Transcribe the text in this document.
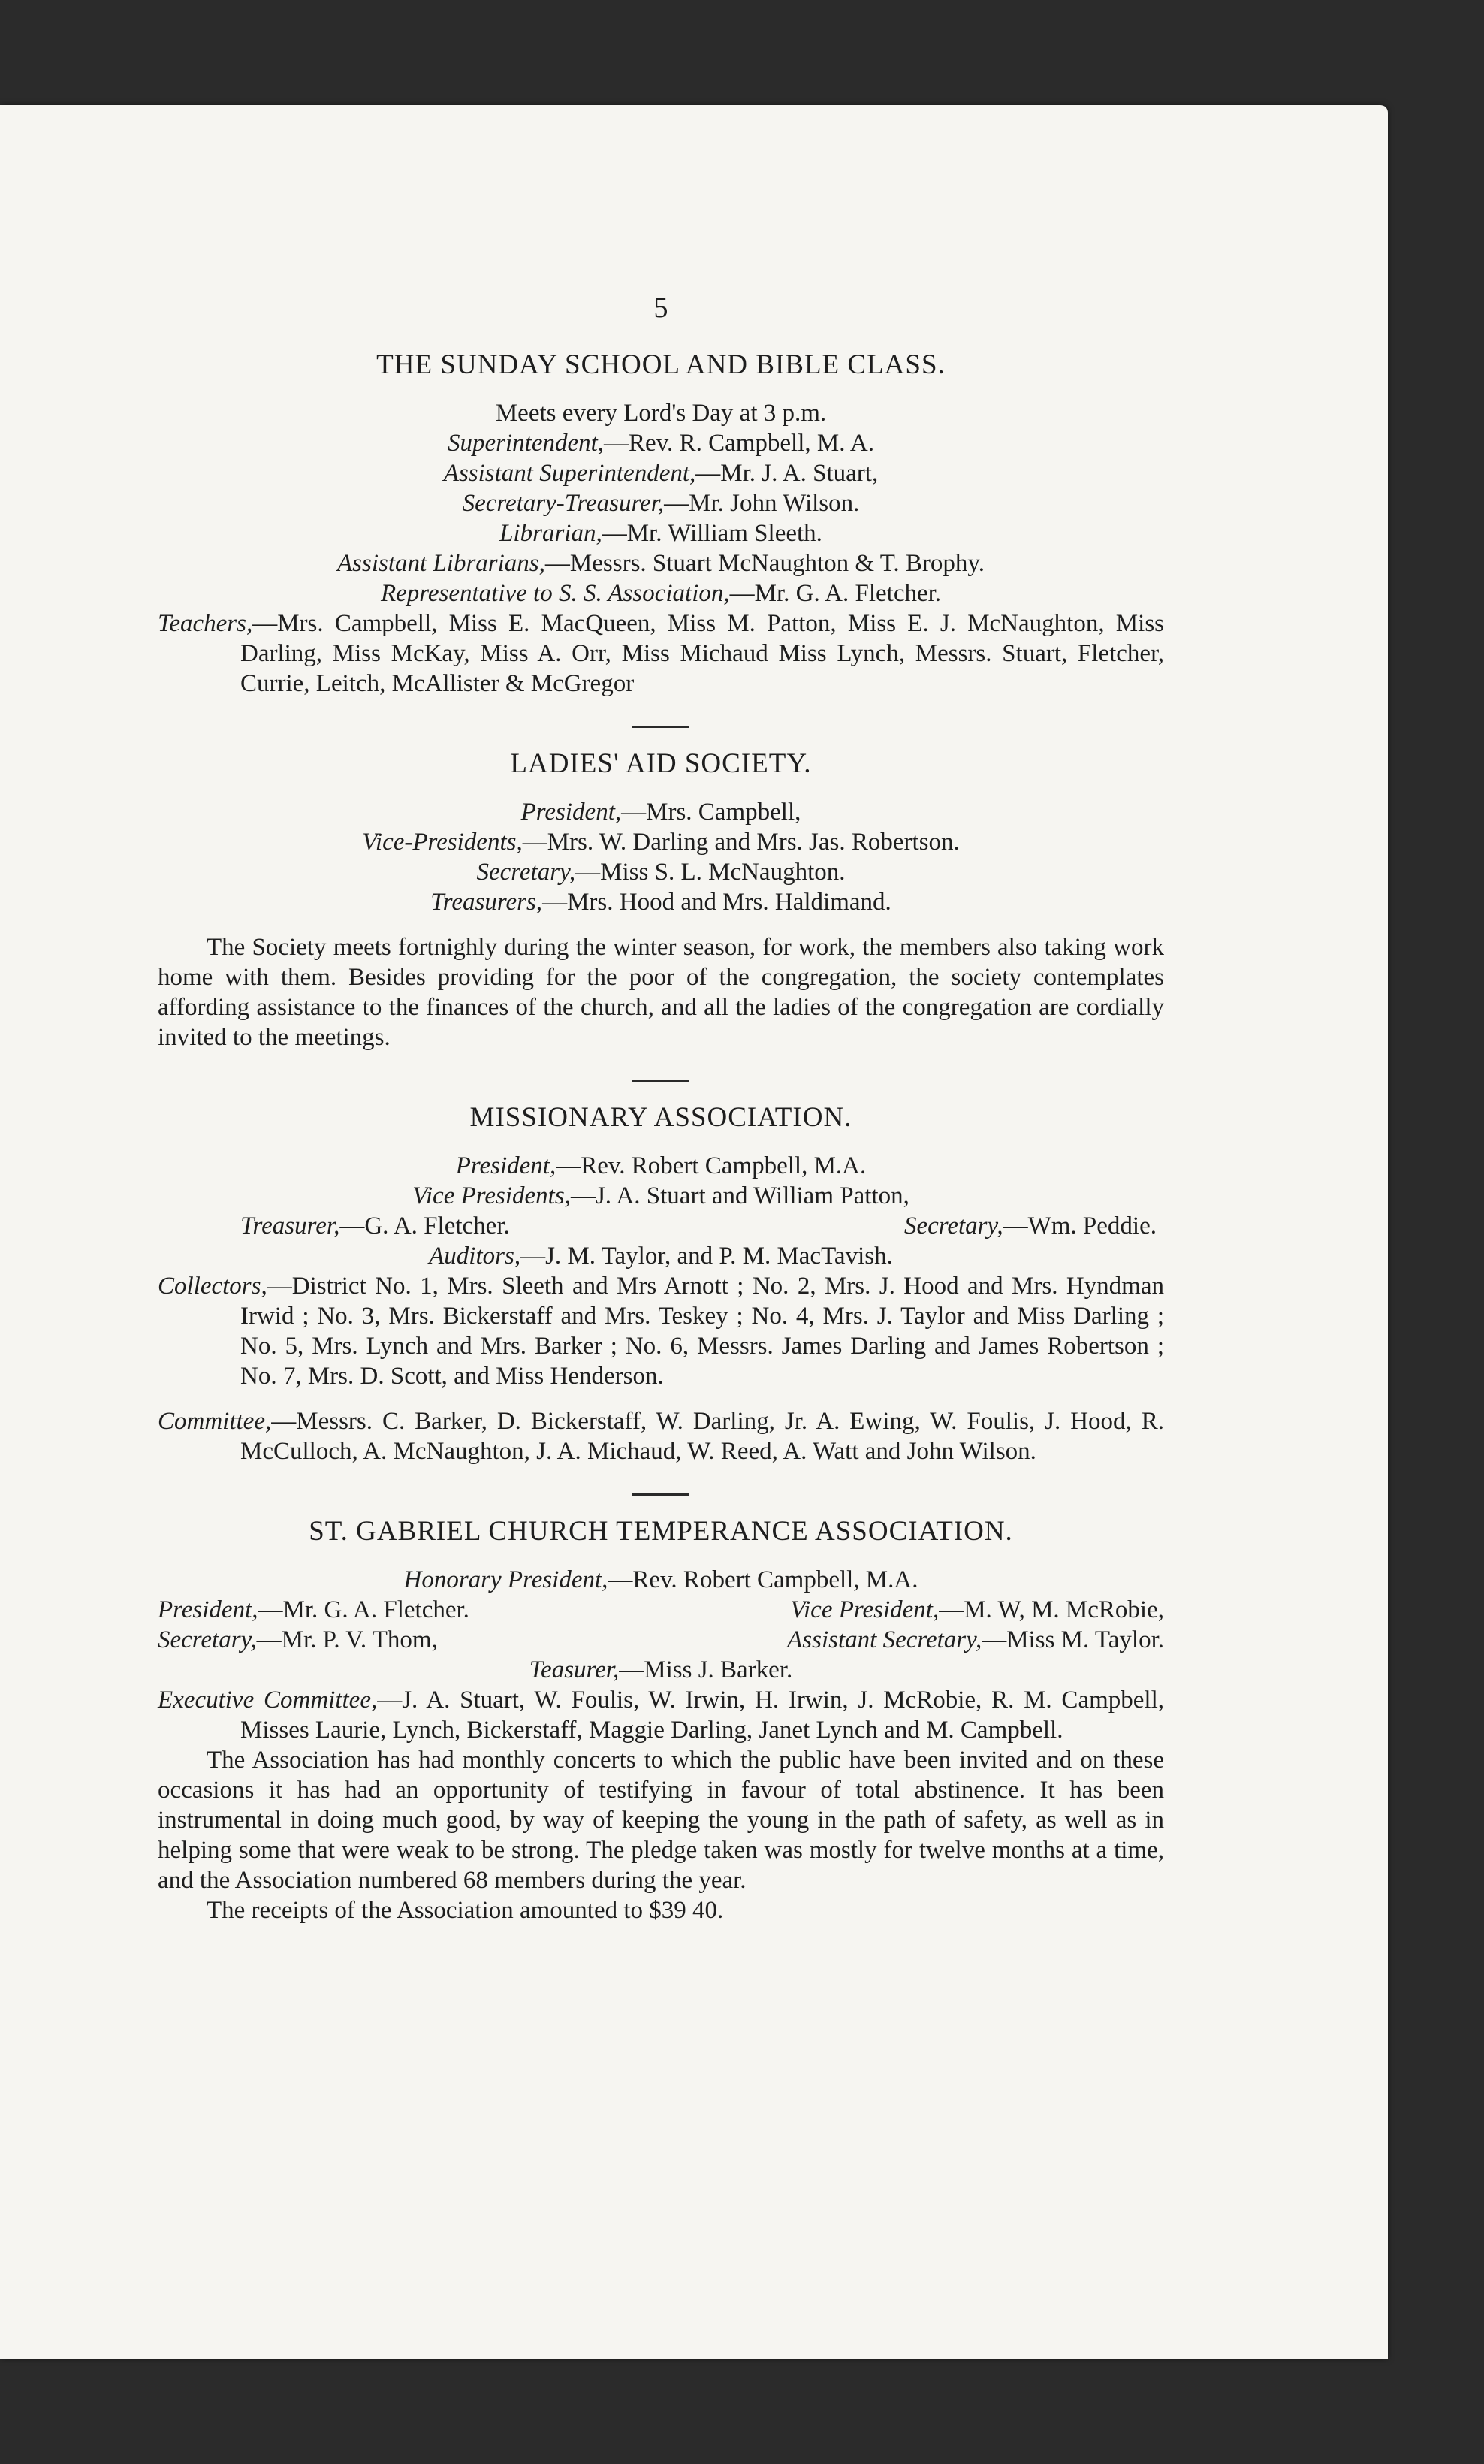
5
THE SUNDAY SCHOOL AND BIBLE CLASS.
Meets every Lord's Day at 3 p.m.
Superintendent,—Rev. R. Campbell, M. A.
Assistant Superintendent,—Mr. J. A. Stuart,
Secretary-Treasurer,—Mr. John Wilson.
Librarian,—Mr. William Sleeth.
Assistant Librarians,—Messrs. Stuart McNaughton & T. Brophy.
Representative to S. S. Association,—Mr. G. A. Fletcher.
Teachers,—Mrs. Campbell, Miss E. MacQueen, Miss M. Patton, Miss E. J. McNaughton, Miss Darling, Miss McKay, Miss A. Orr, Miss Michaud Miss Lynch, Messrs. Stuart, Fletcher, Currie, Leitch, McAllister & McGregor
LADIES' AID SOCIETY.
President,—Mrs. Campbell,
Vice-Presidents,—Mrs. W. Darling and Mrs. Jas. Robertson.
Secretary,—Miss S. L. McNaughton.
Treasurers,—Mrs. Hood and Mrs. Haldimand.

The Society meets fortnighly during the winter season, for work, the members also taking work home with them. Besides providing for the poor of the congregation, the society contemplates affording assistance to the finances of the church, and all the ladies of the congregation are cordially invited to the meetings.

MISSIONARY ASSOCIATION.
President,—Rev. Robert Campbell, M.A.
Vice Presidents,—J. A. Stuart and William Patton,
Treasurer,—G. A. Fletcher.	Secretary,—Wm. Peddie.
Auditors,—J. M. Taylor, and P. M. MacTavish.
Collectors,—District No. 1, Mrs. Sleeth and Mrs Arnott ; No. 2, Mrs. J. Hood and Mrs. Hyndman Irwid ; No. 3, Mrs. Bickerstaff and Mrs. Teskey ; No. 4, Mrs. J. Taylor and Miss Darling ; No. 5, Mrs. Lynch and Mrs. Barker ; No. 6, Messrs. James Darling and James Robertson ; No. 7, Mrs. D. Scott, and Miss Henderson.
Committee,—Messrs. C. Barker, D. Bickerstaff, W. Darling, Jr. A. Ewing, W. Foulis, J. Hood, R. McCulloch, A. McNaughton, J. A. Michaud, W. Reed, A. Watt and John Wilson.
ST. GABRIEL CHURCH TEMPERANCE ASSOCIATION.
Honorary President,—Rev. Robert Campbell, M.A.
President,—Mr. G. A. Fletcher.	Vice President,—M. W, M. McRobie,
Secretary,—Mr. P. V. Thom,	Assistant Secretary,—Miss M. Taylor.
Teasurer,—Miss J. Barker.
Executive Committee,—J. A. Stuart, W. Foulis, W. Irwin, H. Irwin, J. McRobie, R. M. Campbell, Misses Laurie, Lynch, Bickerstaff, Maggie Darling, Janet Lynch and M. Campbell.

The Association has had monthly concerts to which the public have been invited and on these occasions it has had an opportunity of testifying in favour of total abstinence. It has been instrumental in doing much good, by way of keeping the young in the path of safety, as well as in helping some that were weak to be strong. The pledge taken was mostly for twelve months at a time, and the Association numbered 68 members during the year.

The receipts of the Association amounted to $39 40.
